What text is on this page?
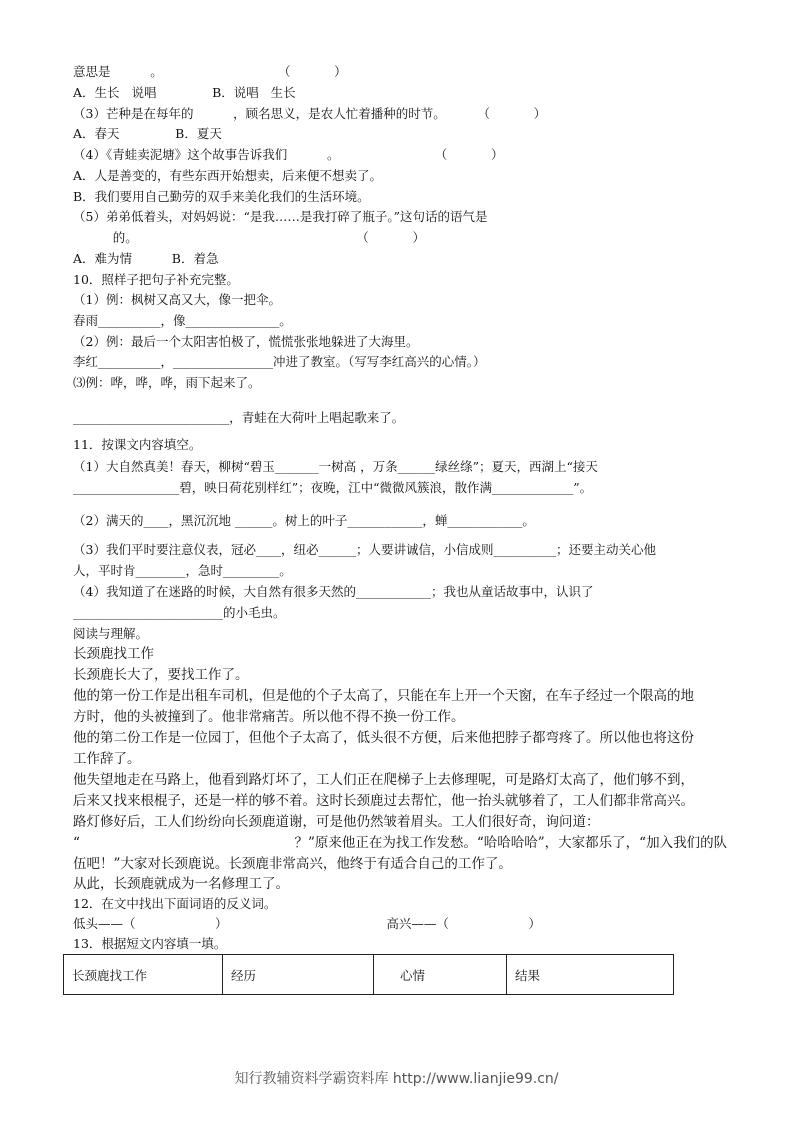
意思是          。                             （           ）
A．生长   说唱              B．说唱   生长
（3）芒种是在每年的          ，顾名思义，是农人忙着播种的时节。        （           ）
A．春天              B．夏天
（4）《青蛙卖泥塘》这个故事告诉我们          。                        （           ）
A．人是善变的，有些东西开始想卖，后来便不想卖了。
B．我们要用自己勤劳的双手来美化我们的生活环境。
（5）弟弟低着头，对妈妈说：“是我……是我打碎了瓶子。”这句话的语气是
的。                                                       （           ）
A．难为情          B．着急
10．照样子把句子补充完整。
（1）例：枫树又高又大，像一把伞。
春雨__________，像_______________。
（2）例：最后一个太阳害怕极了，慌慌张张地躲进了大海里。
李红__________，________________冲进了教室。（写写李红高兴的心情。）
⑶例：哗，哗，哗，雨下起来了。
_________________________，青蛙在大荷叶上唱起歌来了。
11．按课文内容填空。
（1）大自然真美！春天，柳树“碧玉_______一树高 ，万条______绿丝绦”；夏天，西湖上“接天
_________________碧，映日荷花别样红”；夜晚，江中“微微风簇浪，散作满_____________”。
（2）满天的____，黑沉沉地 ______。树上的叶子____________，蝉____________。
（3）我们平时要注意仪表，冠必____，纽必______；人要讲诚信，小信成则__________；还要主动关心他
人，平时肯________，急时_________。
（4）我知道了在迷路的时候，大自然有很多天然的____________；我也从童话故事中，认识了
________________________的小毛虫。
阅读与理解。
长颈鹿找工作
长颈鹿长大了，要找工作了。
他的第一份工作是出租车司机，但是他的个子太高了，只能在车上开一个天窗，在车子经过一个限高的地
方时，他的头被撞到了。他非常痛苦。所以他不得不换一份工作。
他的第二份工作是一位园丁，但他个子太高了，低头很不方便，后来他把脖子都弯疼了。所以他也将这份
工作辞了。
他失望地走在马路上，他看到路灯坏了，工人们正在爬梯子上去修理呢，可是路灯太高了，他们够不到，
后来又找来根棍子，还是一样的够不着。这时长颈鹿过去帮忙，他一抬头就够着了，工人们都非常高兴。
路灯修好后，工人们纷纷向长颈鹿道谢，可是他仍然皱着眉头。工人们很好奇，询问道：
“                                                  ？”原来他正在为找工作发愁。“哈哈哈哈”，大家都乐了，“加入我们的队
伍吧！”大家对长颈鹿说。长颈鹿非常高兴，他终于有适合自己的工作了。
从此，长颈鹿就成为一名修理工了。
12．在文中找出下面词语的反义词。
低头——（                    ）                                        高兴——（                    ）
13．根据短文内容填一填。
长颈鹿找工作	经历	心情	结果
知行教辅资料学霸资料库 http://www.lianjie99.cn/
